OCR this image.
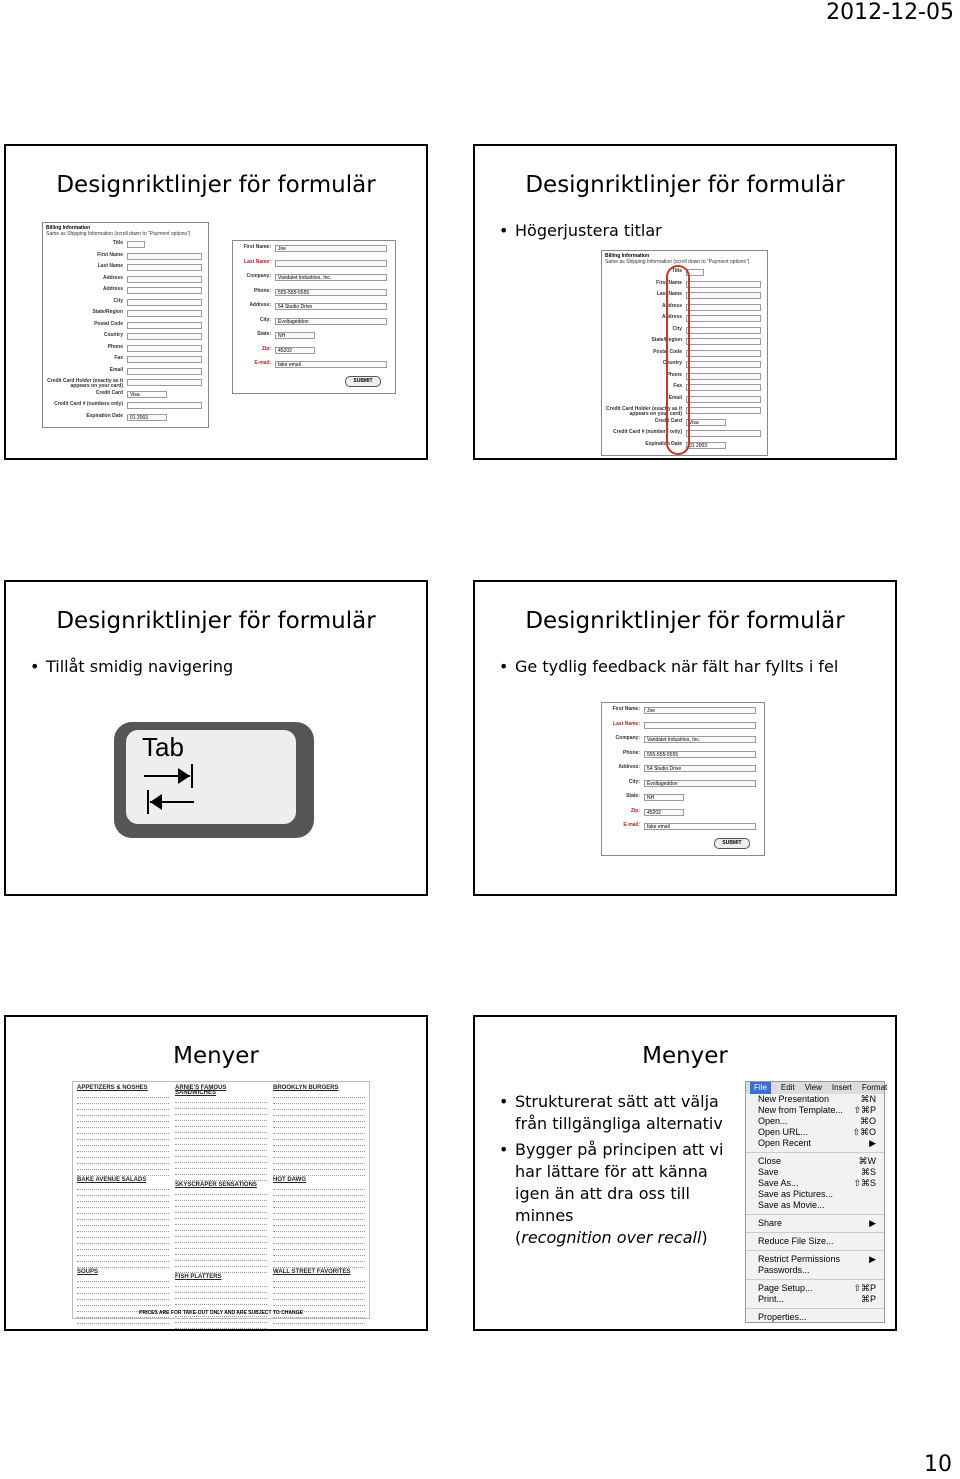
2012-12-05
Designriktlinjer för formulär
Billing Information
Same as Shipping Information (scroll down to "Payment options")
Title
First Name
Last Name
Address
Address
City
State/Region
Postal Code
Country
Phone
Fax
Email
Credit Card Holder (exactly as it appears on your card)
Credit Card	Visa
Credit Card # (numbers only)
Expiration Date	01 2003
First Name:	Joe
Last Name:
Company:	Vandalet Industries, Inc.
Phone:	555-555-5555
Address:	54 Studio Drive
City:	Evoltageddon
State:	NH
Zip:	45202
E-mail:	fake email
SUBMIT
Designriktlinjer för formulär
• Högerjustera titlar
Billing Information
Same as Shipping Information (scroll down to "Payment options")
Title
First Name
Last Name
Address
Address
City
State/Region
Postal Code
Country
Phone
Fax
Email
Credit Card Holder (exactly as it appears on your card)
Credit Card	Visa
Credit Card # (numbers only)
Expiration Date	01 2003
Designriktlinjer för formulär
• Tillåt smidig navigering
Tab
Designriktlinjer för formulär
• Ge tydlig feedback när fält har fyllts i fel
First Name:	Joe
Last Name:
Company:	Vandalet Industries, Inc.
Phone:	555-555-5555
Address:	54 Studio Drive
City:	Evoltageddon
State:	NH
Zip:	45202
E-mail:	fake email
SUBMIT
Menyer
APPETIZERS & NOSHES
BAKE AVENUE SALADS
SOUPS
ARNIE'S FAMOUS SANDWICHES
SKYSCRAPER SENSATIONS
FISH PLATTERS
BROOKLYN BURGERS
HOT DAWG
WALL STREET FAVORITES
PRICES ARE FOR TAKE-OUT ONLY AND ARE SUBJECT TO CHANGE
Menyer
• Strukturerat sätt att välja från tillgängliga alternativ
• Bygger på principen att vi har lättare för att känna igen än att dra oss till minnes
(recognition over recall)
File	Edit View Insert Format
New Presentation	⌘N
New from Template... ⇧⌘P
Open...	⌘O
Open URL...	⇧⌘O
Open Recent	▶
Close	⌘W
Save	⌘S
Save As...	⇧⌘S
Save as Pictures...
Save as Movie...
Share	▶
Reduce File Size...
Restrict Permissions	▶
Passwords...
Page Setup...	⇧⌘P
Print...	⌘P
Properties...
10
